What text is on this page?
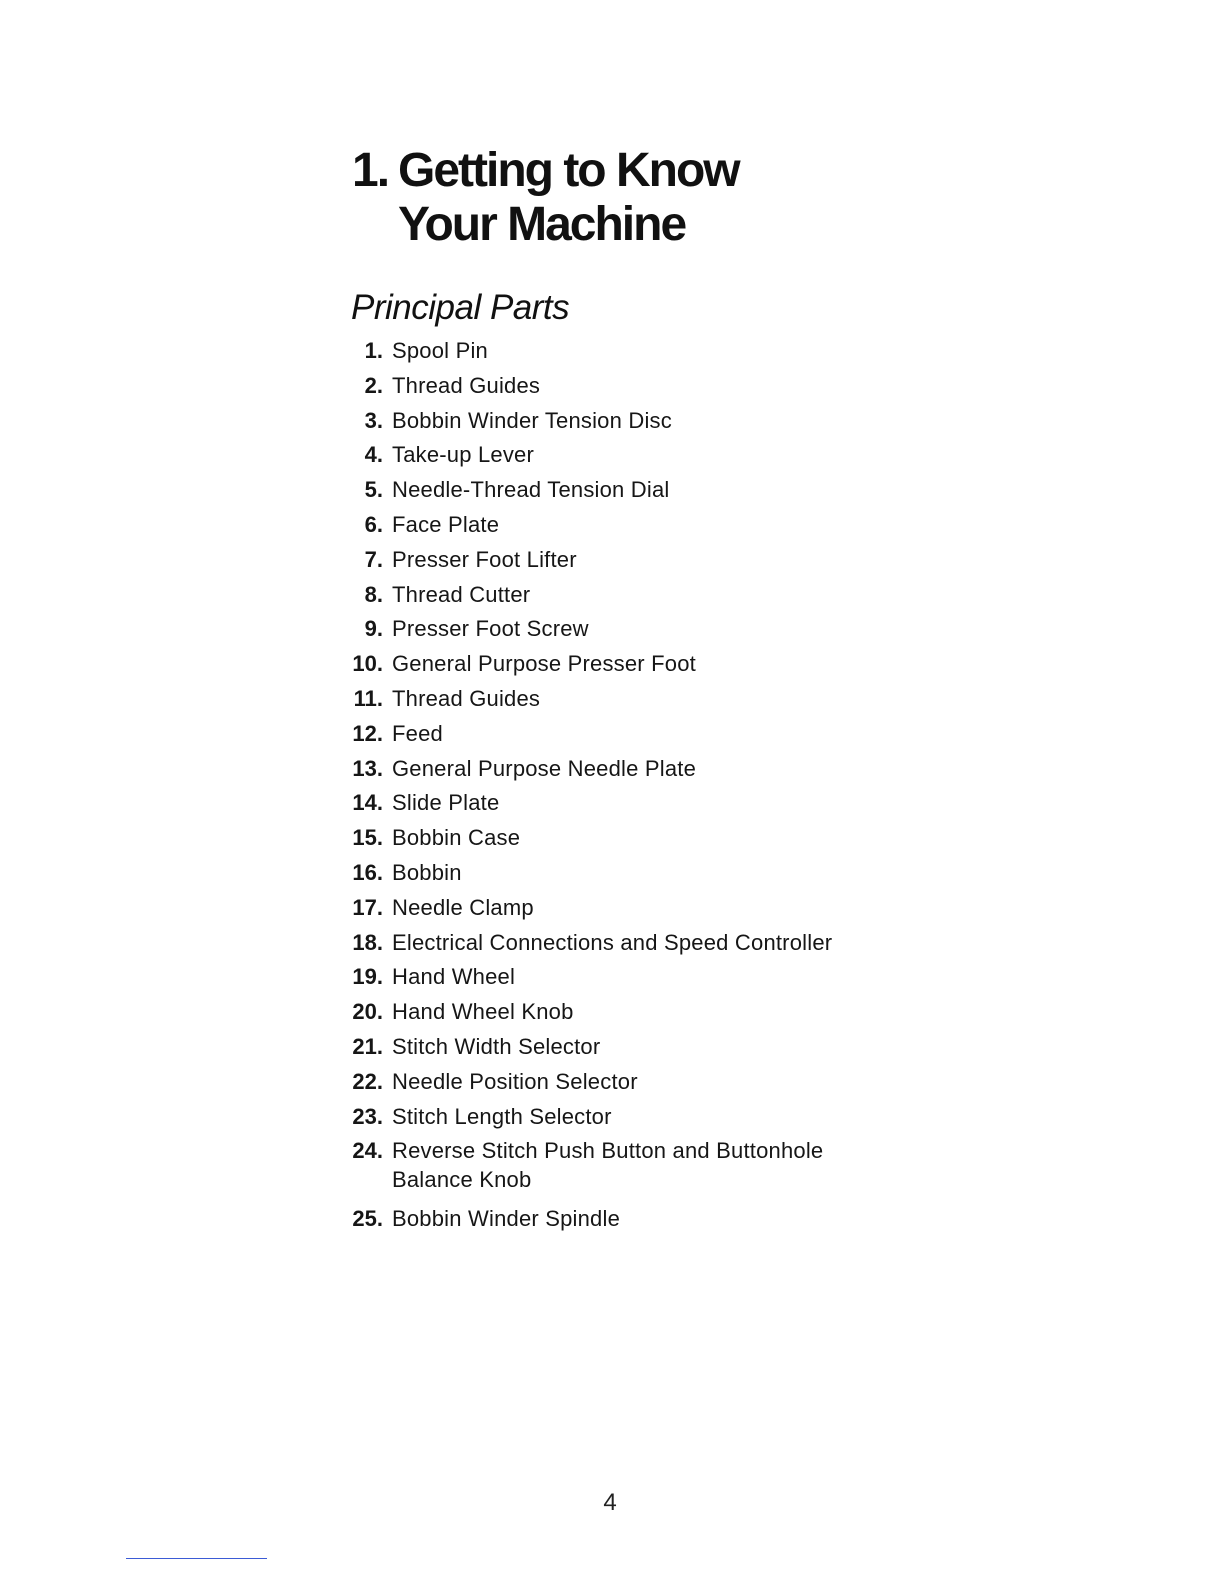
1. Getting to Know
Your Machine
Principal Parts
1. Spool Pin
2. Thread Guides
3. Bobbin Winder Tension Disc
4. Take-up Lever
5. Needle-Thread Tension Dial
6. Face Plate
7. Presser Foot Lifter
8. Thread Cutter
9. Presser Foot Screw
10. General Purpose Presser Foot
11. Thread Guides
12. Feed
13. General Purpose Needle Plate
14. Slide Plate
15. Bobbin Case
16. Bobbin
17. Needle Clamp
18. Electrical Connections and Speed Controller
19. Hand Wheel
20. Hand Wheel Knob
21. Stitch Width Selector
22. Needle Position Selector
23. Stitch Length Selector
24. Reverse Stitch Push Button and Buttonhole Balance Knob
25. Bobbin Winder Spindle
4
